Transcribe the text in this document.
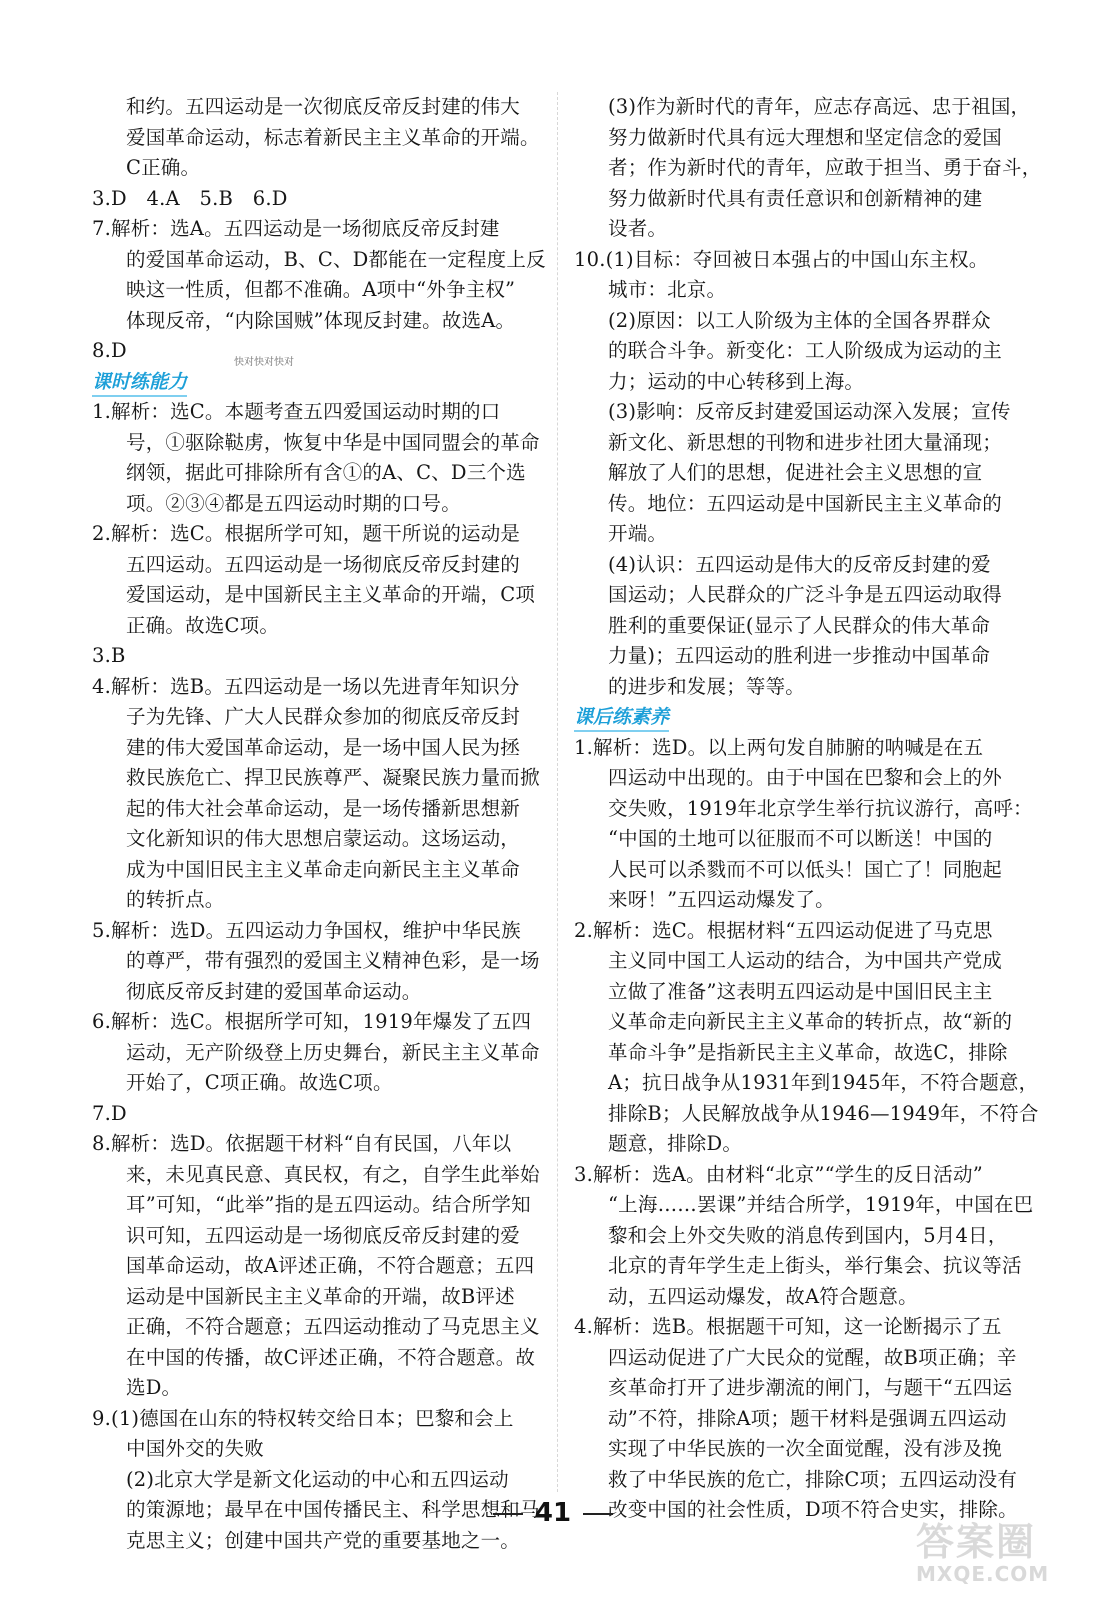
和约。五四运动是一次彻底反帝反封建的伟大
爱国革命运动，标志着新民主主义革命的开端。
C正确。
3.D　4.A　5.B　6.D
7.解析：选A。五四运动是一场彻底反帝反封建
的爱国革命运动，B、C、D都能在一定程度上反
映这一性质，但都不准确。A项中“外争主权”
体现反帝，“内除国贼”体现反封建。故选A。
8.D
课时练能力
1.解析：选C。本题考查五四爱国运动时期的口
号，①驱除鞑虏，恢复中华是中国同盟会的革命
纲领，据此可排除所有含①的A、C、D三个选
项。②③④都是五四运动时期的口号。
2.解析：选C。根据所学可知，题干所说的运动是
五四运动。五四运动是一场彻底反帝反封建的
爱国运动，是中国新民主主义革命的开端，C项
正确。故选C项。
3.B
4.解析：选B。五四运动是一场以先进青年知识分
子为先锋、广大人民群众参加的彻底反帝反封
建的伟大爱国革命运动，是一场中国人民为拯
救民族危亡、捍卫民族尊严、凝聚民族力量而掀
起的伟大社会革命运动，是一场传播新思想新
文化新知识的伟大思想启蒙运动。这场运动，
成为中国旧民主主义革命走向新民主主义革命
的转折点。
5.解析：选D。五四运动力争国权，维护中华民族
的尊严，带有强烈的爱国主义精神色彩，是一场
彻底反帝反封建的爱国革命运动。
6.解析：选C。根据所学可知，1919年爆发了五四
运动，无产阶级登上历史舞台，新民主主义革命
开始了，C项正确。故选C项。
7.D
8.解析：选D。依据题干材料“自有民国，八年以
来，未见真民意、真民权，有之，自学生此举始
耳”可知，“此举”指的是五四运动。结合所学知
识可知，五四运动是一场彻底反帝反封建的爱
国革命运动，故A评述正确，不符合题意；五四
运动是中国新民主主义革命的开端，故B评述
正确，不符合题意；五四运动推动了马克思主义
在中国的传播，故C评述正确，不符合题意。故
选D。
9.(1)德国在山东的特权转交给日本；巴黎和会上
中国外交的失败
(2)北京大学是新文化运动的中心和五四运动
的策源地；最早在中国传播民主、科学思想和马
克思主义；创建中国共产党的重要基地之一。
(3)作为新时代的青年，应志存高远、忠于祖国，
努力做新时代具有远大理想和坚定信念的爱国
者；作为新时代的青年，应敢于担当、勇于奋斗，
努力做新时代具有责任意识和创新精神的建
设者。
10.(1)目标：夺回被日本强占的中国山东主权。
城市：北京。
(2)原因：以工人阶级为主体的全国各界群众
的联合斗争。新变化：工人阶级成为运动的主
力；运动的中心转移到上海。
(3)影响：反帝反封建爱国运动深入发展；宣传
新文化、新思想的刊物和进步社团大量涌现；
解放了人们的思想，促进社会主义思想的宣
传。地位：五四运动是中国新民主主义革命的
开端。
(4)认识：五四运动是伟大的反帝反封建的爱
国运动；人民群众的广泛斗争是五四运动取得
胜利的重要保证(显示了人民群众的伟大革命
力量)；五四运动的胜利进一步推动中国革命
的进步和发展；等等。
课后练素养
1.解析：选D。以上两句发自肺腑的呐喊是在五
四运动中出现的。由于中国在巴黎和会上的外
交失败，1919年北京学生举行抗议游行，高呼：
“中国的土地可以征服而不可以断送！中国的
人民可以杀戮而不可以低头！国亡了！同胞起
来呀！”五四运动爆发了。
2.解析：选C。根据材料“五四运动促进了马克思
主义同中国工人运动的结合，为中国共产党成
立做了准备”这表明五四运动是中国旧民主主
义革命走向新民主主义革命的转折点，故“新的
革命斗争”是指新民主主义革命，故选C，排除
A；抗日战争从1931年到1945年，不符合题意，
排除B；人民解放战争从1946—1949年，不符合
题意，排除D。
3.解析：选A。由材料“北京”“学生的反日活动”
“上海……罢课”并结合所学，1919年，中国在巴
黎和会上外交失败的消息传到国内，5月4日，
北京的青年学生走上街头，举行集会、抗议等活
动，五四运动爆发，故A符合题意。
4.解析：选B。根据题干可知，这一论断揭示了五
四运动促进了广大民众的觉醒，故B项正确；辛
亥革命打开了进步潮流的闸门，与题干“五四运
动”不符，排除A项；题干材料是强调五四运动
实现了中华民族的一次全面觉醒，没有涉及挽
救了中华民族的危亡，排除C项；五四运动没有
改变中国的社会性质，D项不符合史实，排除。
快对快对快对
41
答案圈
MXQE.COM
